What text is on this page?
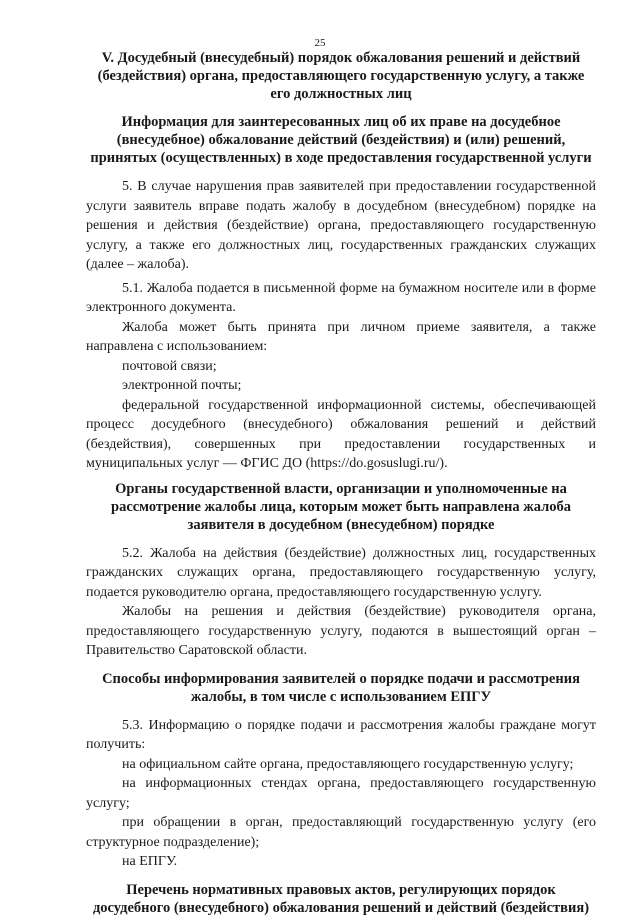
25
V. Досудебный (внесудебный) порядок обжалования решений и действий (бездействия) органа, предоставляющего государственную услугу, а также его должностных лиц
Информация для заинтересованных лиц об их праве на досудебное (внесудебное) обжалование действий (бездействия) и (или) решений, принятых (осуществленных) в ходе предоставления государственной услуги

5. В случае нарушения прав заявителей при предоставлении государственной услуги заявитель вправе подать жалобу в досудебном (внесудебном) порядке на решения и действия (бездействие) органа, предоставляющего государственную услугу, а также его должностных лиц, государственных гражданских служащих (далее – жалоба).

5.1. Жалоба подается в письменной форме на бумажном носителе или в форме электронного документа.

Жалоба может быть принята при личном приеме заявителя, а также направлена с использованием:

почтовой связи;
электронной почты;
федеральной государственной информационной системы, обеспечивающей процесс досудебного (внесудебного) обжалования решений и действий (бездействия), совершенных при предоставлении государственных и муниципальных услуг — ФГИС ДО (https://do.gosuslugi.ru/).
Органы государственной власти, организации и уполномоченные на рассмотрение жалобы лица, которым может быть направлена жалоба заявителя в досудебном (внесудебном) порядке

5.2. Жалоба на действия (бездействие) должностных лиц, государственных гражданских служащих органа, предоставляющего государственную услугу, подается руководителю органа, предоставляющего государственную услугу.

Жалобы на решения и действия (бездействие) руководителя органа, предоставляющего государственную услугу, подаются в вышестоящий орган – Правительство Саратовской области.

Способы информирования заявителей о порядке подачи и рассмотрения жалобы, в том числе с использованием ЕПГУ

5.3. Информацию о порядке подачи и рассмотрения жалобы граждане могут получить:

на официальном сайте органа, предоставляющего государственную услугу;
на информационных стендах органа, предоставляющего государственную услугу;
при обращении в орган, предоставляющий государственную услугу (его структурное подразделение);
на ЕПГУ.
Перечень нормативных правовых актов, регулирующих порядок досудебного (внесудебного) обжалования решений и действий (бездействия)
